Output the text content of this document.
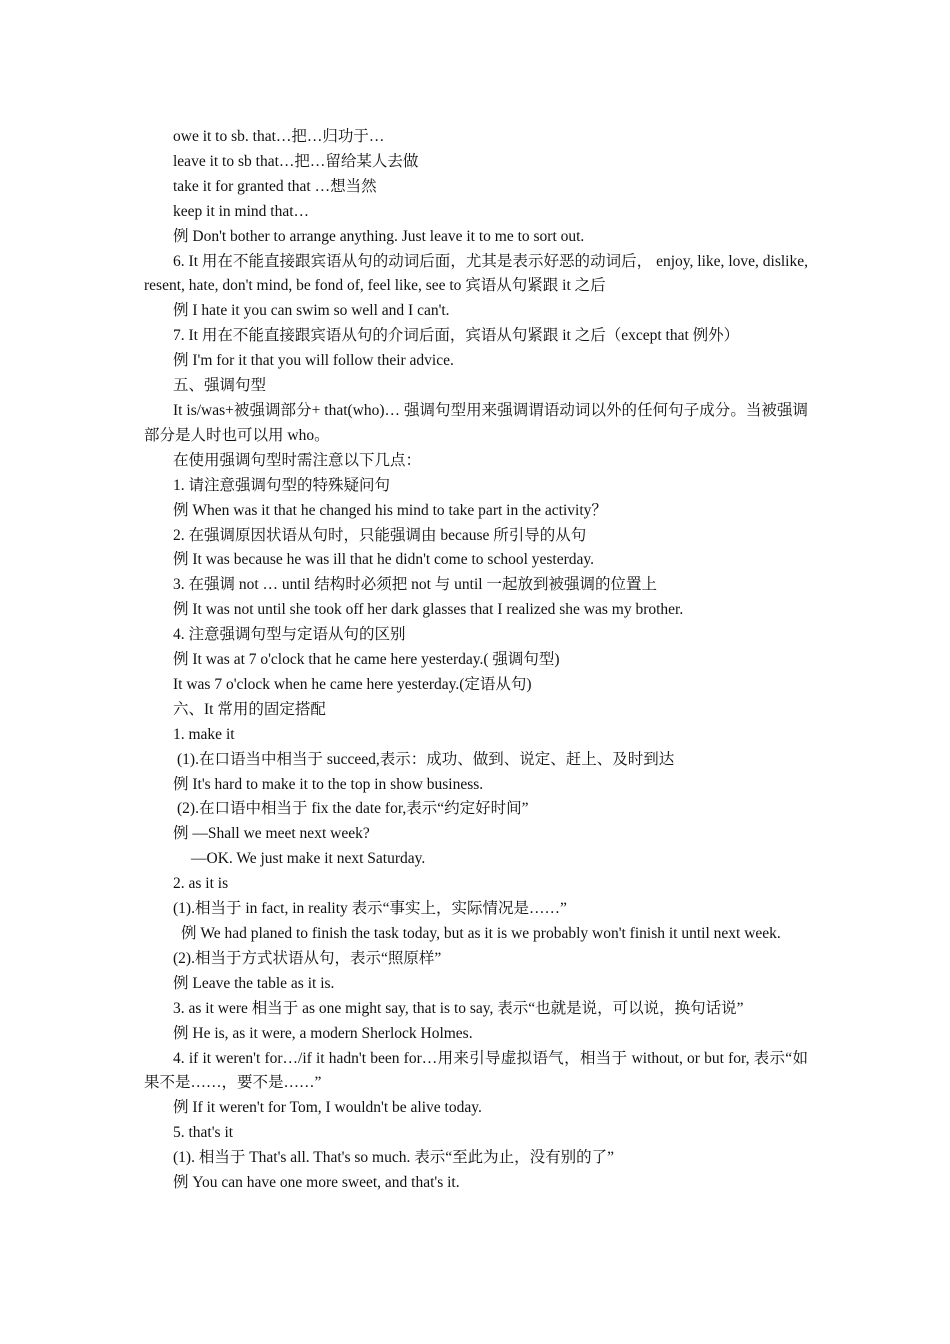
owe it to sb. that…把…归功于…
leave it to sb that…把…留给某人去做
take it for granted that …想当然
keep it in mind that…
例 Don't bother to arrange anything. Just leave it to me to sort out.
6. It 用在不能直接跟宾语从句的动词后面，尤其是表示好恶的动词后， enjoy, like, love, dislike, resent, hate, don't mind, be fond of, feel like, see to 宾语从句紧跟 it 之后
例 I hate it you can swim so well and I can't.
7. It 用在不能直接跟宾语从句的介词后面，宾语从句紧跟 it 之后（except that 例外）
例 I'm for it that you will follow their advice.
五、强调句型
It is/was+被强调部分+ that(who)… 强调句型用来强调谓语动词以外的任何句子成分。当被强调部分是人时也可以用 who。
在使用强调句型时需注意以下几点：
1. 请注意强调句型的特殊疑问句
例 When was it that he changed his mind to take part in the activity？
2. 在强调原因状语从句时，只能强调由 because 所引导的从句
例 It was because he was ill that he didn't come to school yesterday.
3. 在强调 not … until 结构时必须把 not 与 until 一起放到被强调的位置上
例 It was not until she took off her dark glasses that I realized she was my brother.
4. 注意强调句型与定语从句的区别
例 It was at 7 o'clock that he came here yesterday.( 强调句型)
It was 7 o'clock when he came here yesterday.(定语从句)
六、It 常用的固定搭配
1. make it
(1).在口语当中相当于 succeed,表示：成功、做到、说定、赶上、及时到达
例 It's hard to make it to the top in show business.
(2).在口语中相当于 fix the date for,表示“约定好时间”
例 —Shall we meet next week?
—OK. We just make it next Saturday.
2. as it is
(1).相当于 in fact, in reality 表示“事实上，实际情况是……”
例 We had planed to finish the task today, but as it is we probably won't finish it until next week.
(2).相当于方式状语从句，表示“照原样”
例 Leave the table as it is.
3. as it were 相当于 as one might say, that is to say, 表示“也就是说，可以说，换句话说”
例 He is, as it were, a modern Sherlock Holmes.
4. if it weren't for…/if it hadn't been for…用来引导虚拟语气，相当于 without, or but for, 表示“如果不是……，要不是……”
例 If it weren't for Tom, I wouldn't be alive today.
5. that's it
(1). 相当于 That's all. That's so much. 表示“至此为止，没有别的了”
例 You can have one more sweet, and that's it.
